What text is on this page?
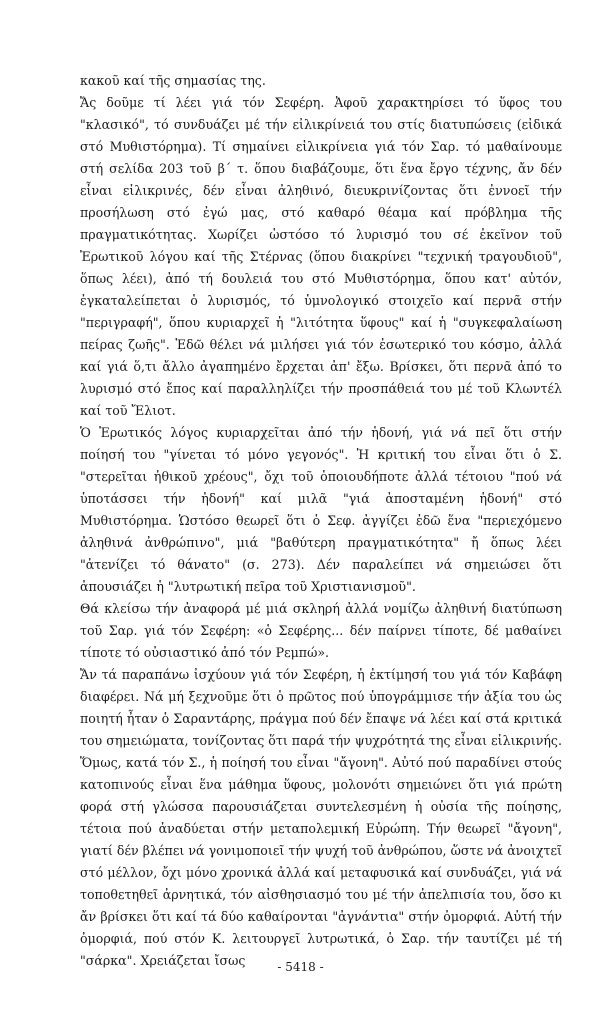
κακοῦ καί τῆς σημασίας της.

Ἄς δοῦμε τί λέει γιά τόν Σεφέρη. Ἀφοῦ χαρακτηρίσει τό ὕφος του "κλασικό", τό συνδυάζει μέ τήν εἰλικρίνειά του στίς διατυπώσεις (εἰδικά στό Μυθιστόρημα). Τί σημαίνει εἰλικρίνεια γιά τόν Σαρ. τό μαθαίνουμε στή σελίδα 203 τοῦ β΄ τ. ὅπου διαβάζουμε, ὅτι ἕνα ἔργο τέχνης, ἄν δέν εἶναι εἰλικρινές, δέν εἶναι ἀληθινό, διευκρινίζοντας ὅτι ἐννοεῖ τήν προσήλωση στό ἐγώ μας, στό καθαρό θέαμα καί πρόβλημα τῆς πραγματικότητας. Χωρίζει ὡστόσο τό λυρισμό του σέ ἐκεῖνον τοῦ Ἐρωτικοῦ λόγου καί τῆς Στέρνας (ὅπου διακρίνει "τεχνική τραγουδιοῦ", ὅπως λέει), ἀπό τή δουλειά του στό Μυθιστόρημα, ὅπου κατ' αὐτόν, ἐγκαταλείπεται ὁ λυρισμός, τό ὑμνολογικό στοιχεῖο καί περνᾶ στήν "περιγραφή", ὅπου κυριαρχεῖ ἡ "λιτότητα ὕφους" καί ἡ "συγκεφαλαίωση πείρας ζωῆς". Ἐδῶ θέλει νά μιλήσει γιά τόν ἐσωτερικό του κόσμο, ἀλλά καί γιά ὅ,τι ἄλλο ἀγαπημένο ἔρχεται ἀπ' ἔξω. Βρίσκει, ὅτι περνᾶ ἀπό το λυρισμό στό ἔπος καί παραλληλίζει τήν προσπάθειά του μέ τοῦ Κλωντέλ καί τοῦ Ἔλιοτ.

Ὁ Ἐρωτικός λόγος κυριαρχεῖται ἀπό τήν ἡδονή, γιά νά πεῖ ὅτι στήν ποίησή του "γίνεται τό μόνο γεγονός". Ἡ κριτική του εἶναι ὅτι ὁ Σ. "στερεῖται ἠθικοῦ χρέους", ὄχι τοῦ ὁποιουδήποτε ἀλλά τέτοιου "πού νά ὑποτάσσει τήν ἡδονή" καί μιλᾶ "γιά ἀποσταμένη ἡδονή" στό Μυθιστόρημα. Ὡστόσο θεωρεῖ ὅτι ὁ Σεφ. ἀγγίζει ἐδῶ ἕνα "περιεχόμενο ἀληθινά ἀνθρώπινο", μιά "βαθύτερη πραγματικότητα" ἤ ὅπως λέει "ἀτενίζει τό θάνατο" (σ. 273). Δέν παραλείπει νά σημειώσει ὅτι ἀπουσιάζει ἡ "λυτρωτική πεῖρα τοῦ Χριστιανισμοῦ".

Θά κλείσω τήν ἀναφορά μέ μιά σκληρή ἀλλά νομίζω ἀληθινή διατύπωση τοῦ Σαρ. γιά τόν Σεφέρη: «ὁ Σεφέρης... δέν παίρνει τίποτε, δέ μαθαίνει τίποτε τό οὐσιαστικό ἀπό τόν Ρεμπώ».

Ἄν τά παραπάνω ἰσχύουν γιά τόν Σεφέρη, ἡ ἐκτίμησή του γιά τόν Καβάφη διαφέρει. Νά μή ξεχνοῦμε ὅτι ὁ πρῶτος πού ὑπογράμμισε τήν ἀξία του ὡς ποιητή ἦταν ὁ Σαραντάρης, πράγμα πού δέν ἔπαψε νά λέει καί στά κριτικά του σημειώματα, τονίζοντας ὅτι παρά τήν ψυχρότητά της εἶναι εἰλικρινής. Ὅμως, κατά τόν Σ., ἡ ποίησή του εἶναι "ἄγονη". Αὐτό πού παραδίνει στούς κατοπινούς εἶναι ἕνα μάθημα ὕφους, μολονότι σημειώνει ὅτι γιά πρώτη φορά στή γλώσσα παρουσιάζεται συντελεσμένη ἡ οὐσία τῆς ποίησης, τέτοια πού ἀναδύεται στήν μεταπολεμική Εὐρώπη. Τήν θεωρεῖ "ἄγονη", γιατί δέν βλέπει νά γονιμοποιεῖ τήν ψυχή τοῦ ἀνθρώπου, ὥστε νά ἀνοιχτεῖ στό μέλλον, ὄχι μόνο χρονικά ἀλλά καί μεταφυσικά καί συνδυάζει, γιά νά τοποθετηθεῖ ἀρνητικά, τόν αἰσθησιασμό του μέ τήν ἀπελπισία του, ὅσο κι ἄν βρίσκει ὅτι καί τά δύο καθαίρονται "ἀγνάντια" στήν ὀμορφιά. Αὐτή τήν ὀμορφιά, πού στόν Κ. λειτουργεῖ λυτρωτικά, ὁ Σαρ. τήν ταυτίζει μέ τή "σάρκα". Χρειάζεται ἴσως	- 5418 -
